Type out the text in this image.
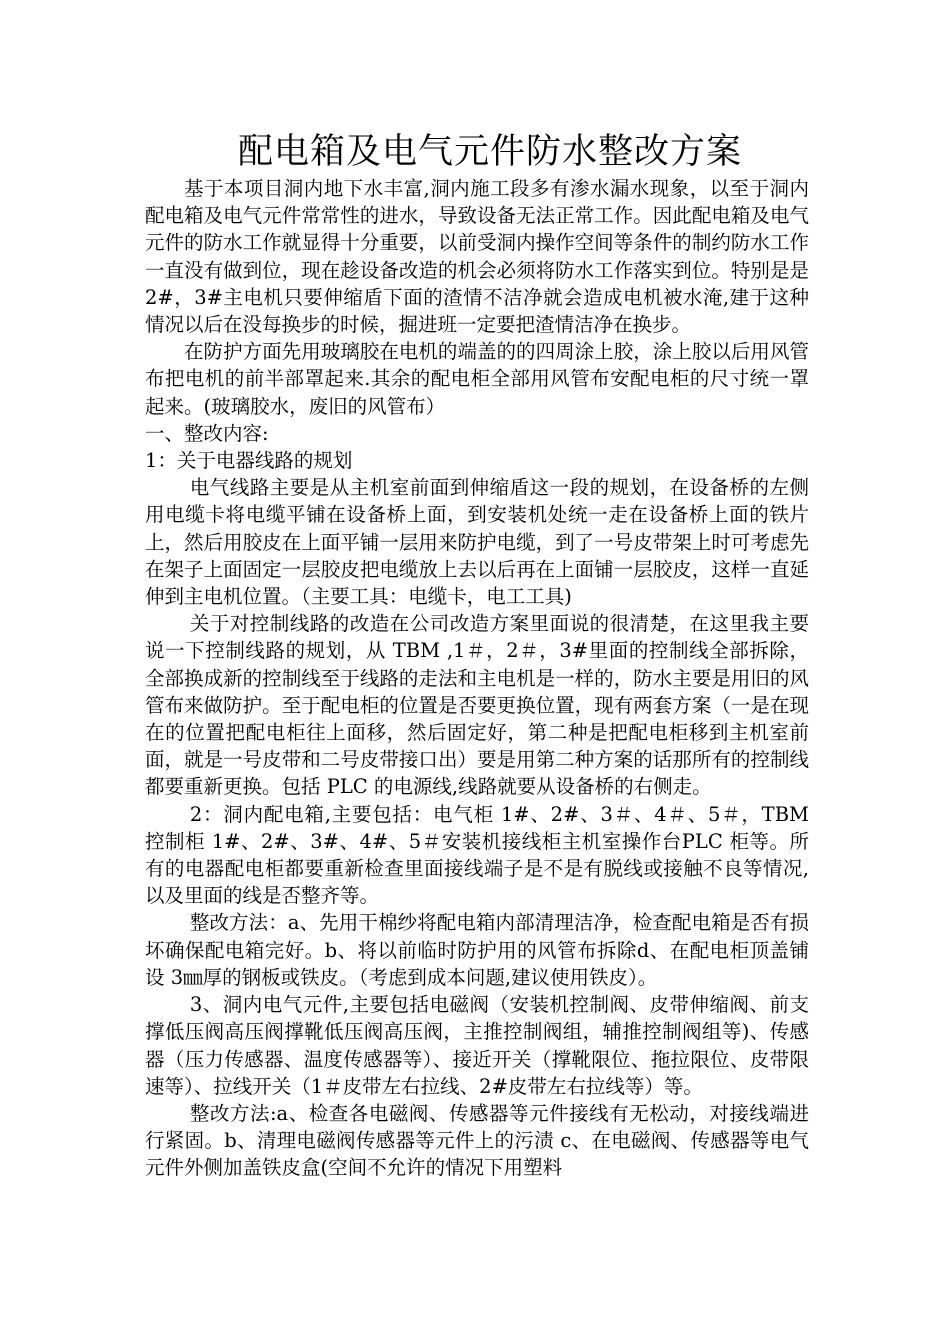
配电箱及电气元件防水整改方案

基于本项目洞内地下水丰富,洞内施工段多有渗水漏水现象，以至于洞内配电箱及电气元件常常性的进水，导致设备无法正常工作。因此配电箱及电气元件的防水工作就显得十分重要，以前受洞内操作空间等条件的制约防水工作一直没有做到位，现在趁设备改造的机会必须将防水工作落实到位。特别是是 2#，3#主电机只要伸缩盾下面的渣情不洁净就会造成电机被水淹,建于这种情况以后在没每换步的时候，掘进班一定要把渣情洁净在换步。

在防护方面先用玻璃胶在电机的端盖的的四周涂上胶，涂上胶以后用风管布把电机的前半部罩起来.其余的配电柜全部用风管布安配电柜的尺寸统一罩起来。(玻璃胶水，废旧的风管布）

一、整改内容:

1：关于电器线路的规划

电气线路主要是从主机室前面到伸缩盾这一段的规划，在设备桥的左侧用电缆卡将电缆平铺在设备桥上面，到安装机处统一走在设备桥上面的铁片上，然后用胶皮在上面平铺一层用来防护电缆，到了一号皮带架上时可考虑先在架子上面固定一层胶皮把电缆放上去以后再在上面铺一层胶皮，这样一直延伸到主电机位置。（主要工具：电缆卡，电工工具)

关于对控制线路的改造在公司改造方案里面说的很清楚，在这里我主要说一下控制线路的规划，从 TBM ,1＃，2＃，3#里面的控制线全部拆除，全部换成新的控制线至于线路的走法和主电机是一样的，防水主要是用旧的风管布来做防护。至于配电柜的位置是否要更换位置，现有两套方案（一是在现在的位置把配电柜往上面移，然后固定好，第二种是把配电柜移到主机室前面，就是一号皮带和二号皮带接口出）要是用第二种方案的话那所有的控制线都要重新更换。包括 PLC 的电源线,线路就要从设备桥的右侧走。

2：洞内配电箱,主要包括：电气柜 1#、2#、3＃、4＃、5＃，TBM 控制柜 1#、2#、3#、4#、5＃安装机接线柜主机室操作台PLC 柜等。所有的电器配电柜都要重新检查里面接线端子是不是有脱线或接触不良等情况,以及里面的线是否整齐等。

整改方法：a、先用干棉纱将配电箱内部清理洁净，检查配电箱是否有损坏确保配电箱完好。b、将以前临时防护用的风管布拆除d、在配电柜顶盖铺设 3㎜厚的钢板或铁皮。（考虑到成本问题,建议使用铁皮）。

3、洞内电气元件,主要包括电磁阀（安装机控制阀、皮带伸缩阀、前支撑低压阀高压阀撑靴低压阀高压阀，主推控制阀组，辅推控制阀组等)、传感器（压力传感器、温度传感器等）、接近开关（撑靴限位、拖拉限位、皮带限速等）、拉线开关（1＃皮带左右拉线、2#皮带左右拉线等）等。

整改方法:a、检查各电磁阀、传感器等元件接线有无松动，对接线端进行紧固。b、清理电磁阀传感器等元件上的污渍 c、在电磁阀、传感器等电气元件外侧加盖铁皮盒(空间不允许的情况下用塑料
